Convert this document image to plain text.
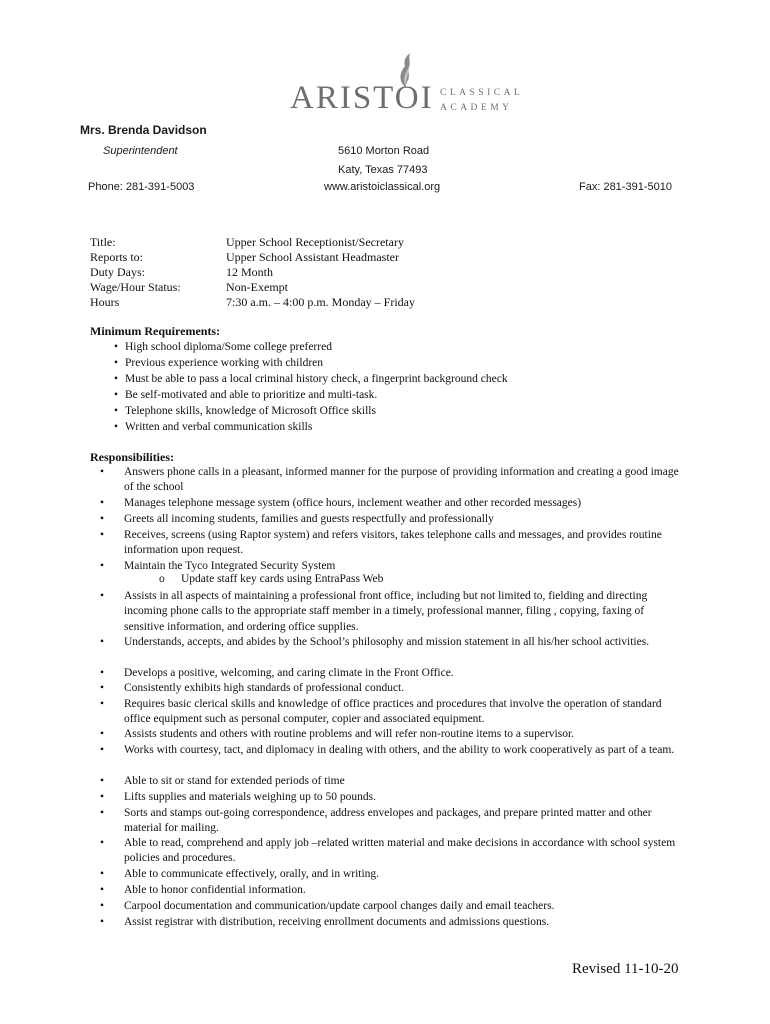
ARISTOI CLASSICAL
ACADEMY
Mrs. Brenda Davidson
Superintendent	5610 Morton Road
Katy, Texas 77493
Phone: 281-391-5003	www.aristoiclassical.org	Fax: 281-391-5010
Title:	Upper School Receptionist/Secretary
Reports to:	Upper School Assistant Headmaster
Duty Days:	12 Month
Wage/Hour Status:	Non-Exempt
Hours	7:30 a.m. – 4:00 p.m. Monday – Friday
Minimum Requirements:
• High school diploma/Some college preferred
• Previous experience working with children
• Must be able to pass a local criminal history check, a fingerprint background check
• Be self-motivated and able to prioritize and multi-task.
• Telephone skills, knowledge of Microsoft Office skills
• Written and verbal communication skills
Responsibilities:
• Answers phone calls in a pleasant, informed manner for the purpose of providing information and creating a good image of the school
• Manages telephone message system (office hours, inclement weather and other recorded messages)
• Greets all incoming students, families and guests respectfully and professionally
• Receives, screens (using Raptor system) and refers visitors, takes telephone calls and messages, and provides routine information upon request.
• Maintain the Tyco Integrated Security System
o Update staff key cards using EntraPass Web
• Assists in all aspects of maintaining a professional front office, including but not limited to, fielding and directing incoming phone calls to the appropriate staff member in a timely, professional manner, filing , copying, faxing of sensitive information, and ordering office supplies.
• Understands, accepts, and abides by the School’s philosophy and mission statement in all his/her school activities.
• Develops a positive, welcoming, and caring climate in the Front Office.
• Consistently exhibits high standards of professional conduct.
• Requires basic clerical skills and knowledge of office practices and procedures that involve the operation of standard office equipment such as personal computer, copier and associated equipment.
• Assists students and others with routine problems and will refer non-routine items to a supervisor.
• Works with courtesy, tact, and diplomacy in dealing with others, and the ability to work cooperatively as part of a team.
• Able to sit or stand for extended periods of time
• Lifts supplies and materials weighing up to 50 pounds.
• Sorts and stamps out-going correspondence, address envelopes and packages, and prepare printed matter and other material for mailing.
• Able to read, comprehend and apply job –related written material and make decisions in accordance with school system policies and procedures.
• Able to communicate effectively, orally, and in writing.
• Able to honor confidential information.
• Carpool documentation and communication/update carpool changes daily and email teachers.
• Assist registrar with distribution, receiving enrollment documents and admissions questions.
Revised 11-10-20
